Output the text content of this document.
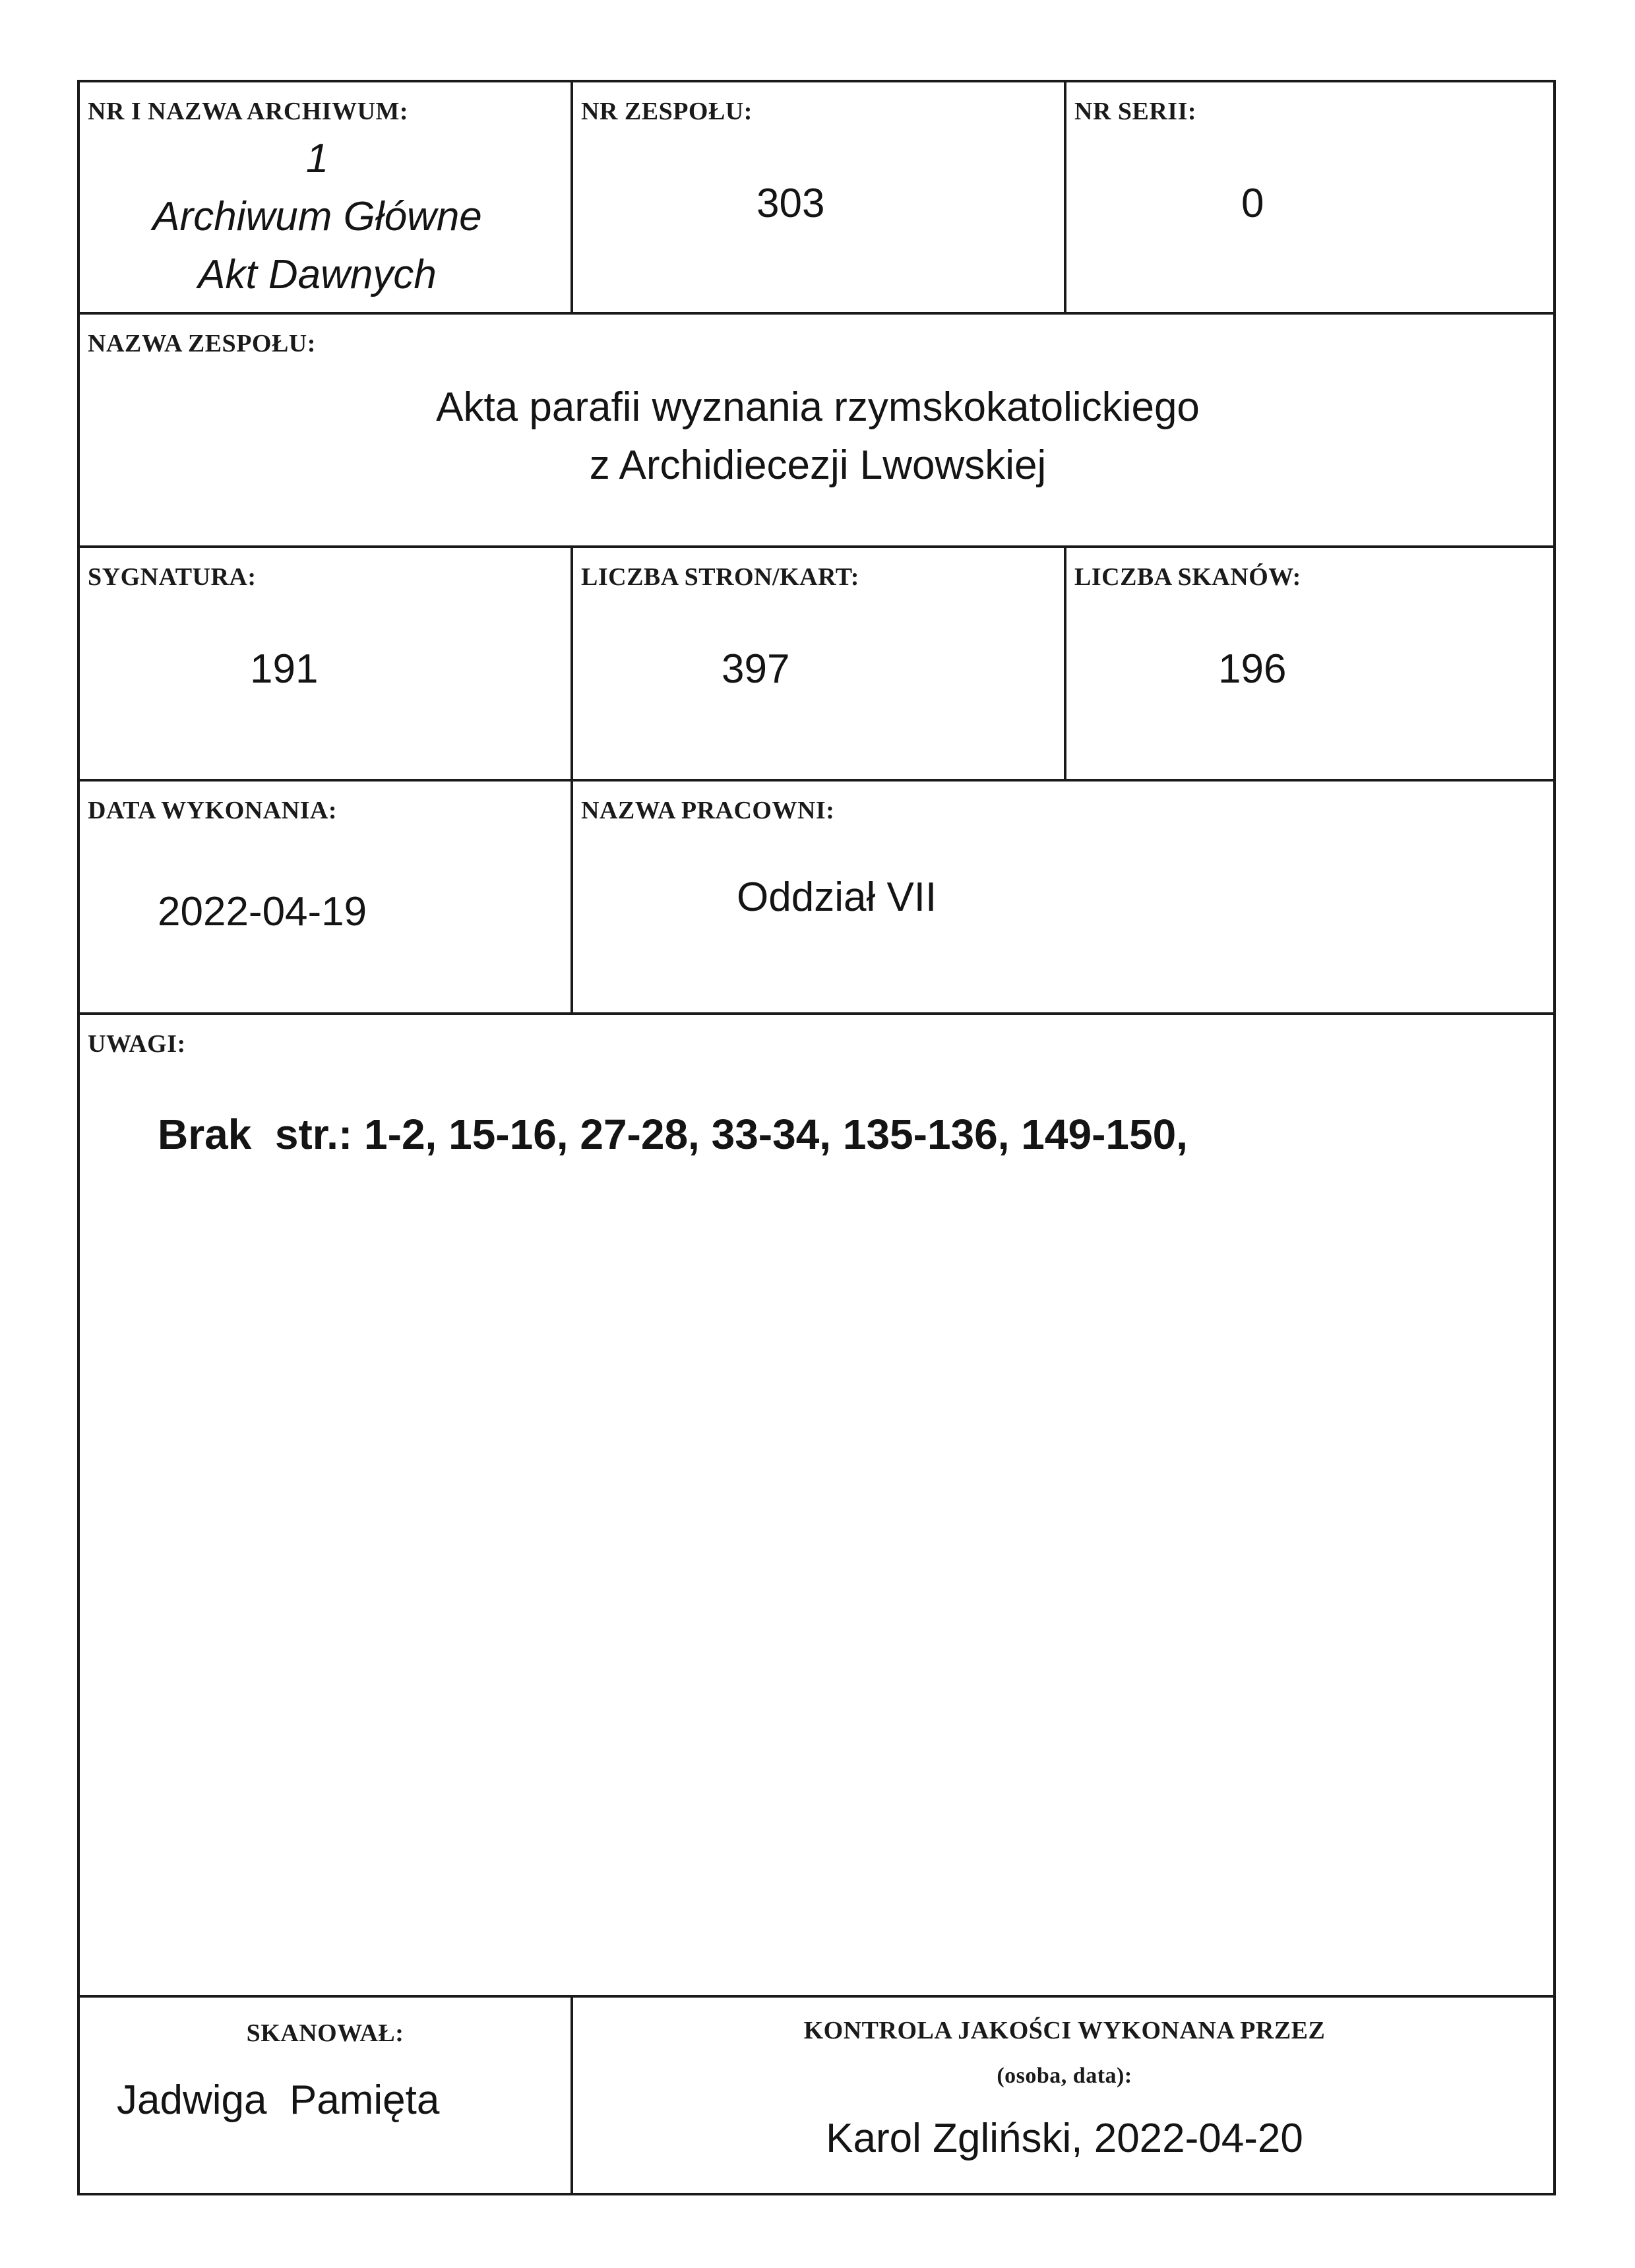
NR I NAZWA ARCHIWUM:
1
Archiwum Główne
Akt Dawnych
NR ZESPOŁU:
303
NR SERII:
0
NAZWA ZESPOŁU:
Akta parafii wyznania rzymskokatolickiego
z Archidiecezji Lwowskiej
SYGNATURA:
191
LICZBA STRON/KART:
397
LICZBA SKANÓW:
196
DATA WYKONANIA:
2022-04-19
NAZWA PRACOWNI:
Oddział VII
UWAGI:
Brak  str.: 1-2, 15-16, 27-28, 33-34, 135-136, 149-150,
SKANOWAŁ:
Jadwiga  Pamięta
KONTROLA JAKOŚCI WYKONANA PRZEZ
(osoba, data):
Karol Zgliński, 2022-04-20
